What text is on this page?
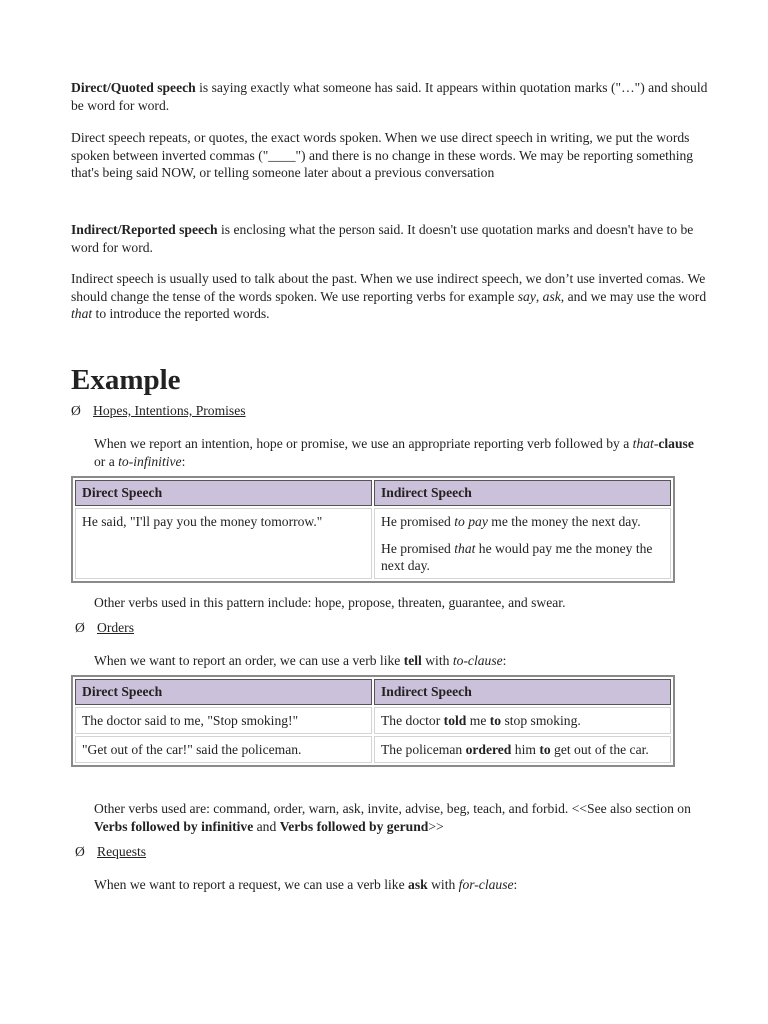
Direct/Quoted speech is saying exactly what someone has said. It appears within quotation marks ("…") and should be word for word.

Direct speech repeats, or quotes, the exact words spoken. When we use direct speech in writing, we put the words spoken between inverted commas ("____") and there is no change in these words. We may be reporting something that's being said NOW, or telling someone later about a previous conversation

Indirect/Reported speech is enclosing what the person said. It doesn't use quotation marks and doesn't have to be word for word.

Indirect speech is usually used to talk about the past. When we use indirect speech, we don’t use inverted comas. We should change the tense of the words spoken. We use reporting verbs for example say, ask, and we may use the word that to introduce the reported words.

Example
Ø Hopes, Intentions, Promises

When we report an intention, hope or promise, we use an appropriate reporting verb followed by a that-clause or a to-infinitive:

Direct Speech	Indirect Speech
He said, "I'll pay you the money tomorrow."	He promised to pay me the money the next day.
He promised that he would pay me the money the next day.

Other verbs used in this pattern include: hope, propose, threaten, guarantee, and swear.

Ø Orders

When we want to report an order, we can use a verb like tell with to-clause:

Direct Speech	Indirect Speech
The doctor said to me, "Stop smoking!"	The doctor told me to stop smoking.
"Get out of the car!" said the policeman.	The policeman ordered him to get out of the car.

Other verbs used are: command, order, warn, ask, invite, advise, beg, teach, and forbid. <<See also section on Verbs followed by infinitive and Verbs followed by gerund>>

Ø Requests

When we want to report a request, we can use a verb like ask with for-clause:
